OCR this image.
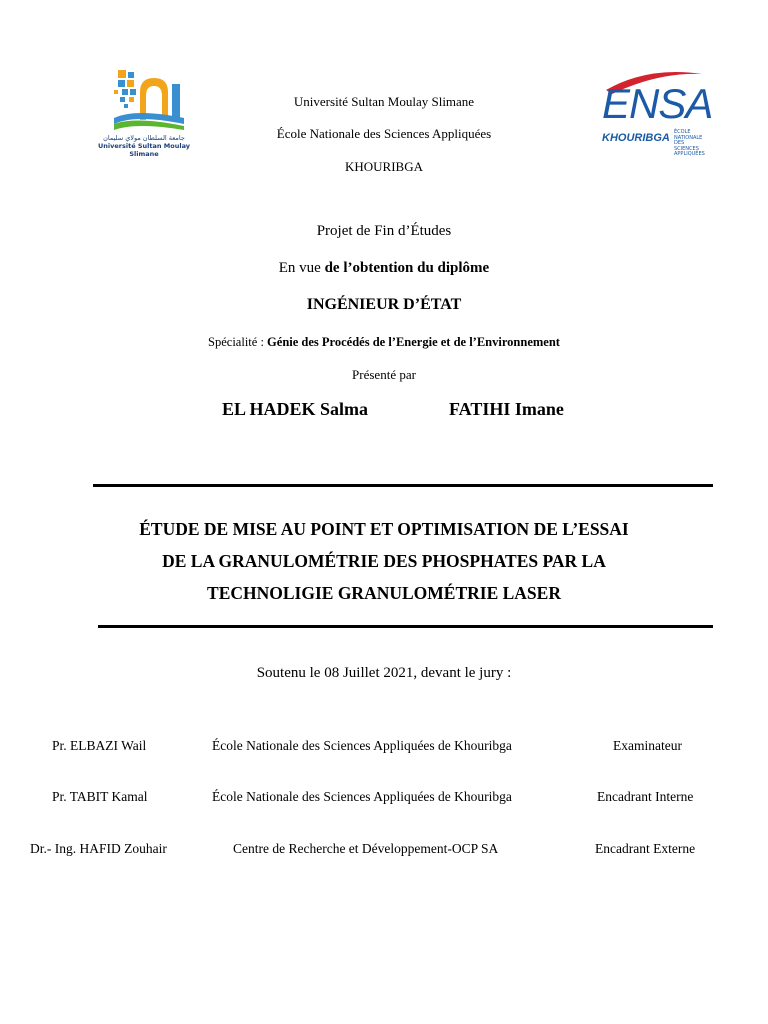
جامعة السلطان مولاي سليمان
Université Sultan Moulay Slimane
ENSA
KHOURIBGA ÉCOLE
NATIONALE
DES SCIENCES
APPLIQUÉES
Université Sultan Moulay Slimane
École Nationale des Sciences Appliquées
KHOURIBGA
Projet de Fin d’Études
En vue de l’obtention du diplôme
INGÉNIEUR D’ÉTAT
Spécialité : Génie des Procédés de l’Energie et de l’Environnement
Présenté par
EL HADEK Salma	FATIHI Imane
ÉTUDE DE MISE AU POINT ET OPTIMISATION DE L’ESSAI
DE LA GRANULOMÉTRIE DES PHOSPHATES PAR LA
TECHNOLIGIE GRANULOMÉTRIE LASER
Soutenu le 08 Juillet 2021, devant le jury :
Pr. ELBAZI Wail	École Nationale des Sciences Appliquées de Khouribga	Examinateur
Pr. TABIT Kamal	École Nationale des Sciences Appliquées de Khouribga	Encadrant Interne
Dr.- Ing. HAFID Zouhair	Centre de Recherche et Développement-OCP SA	Encadrant Externe
